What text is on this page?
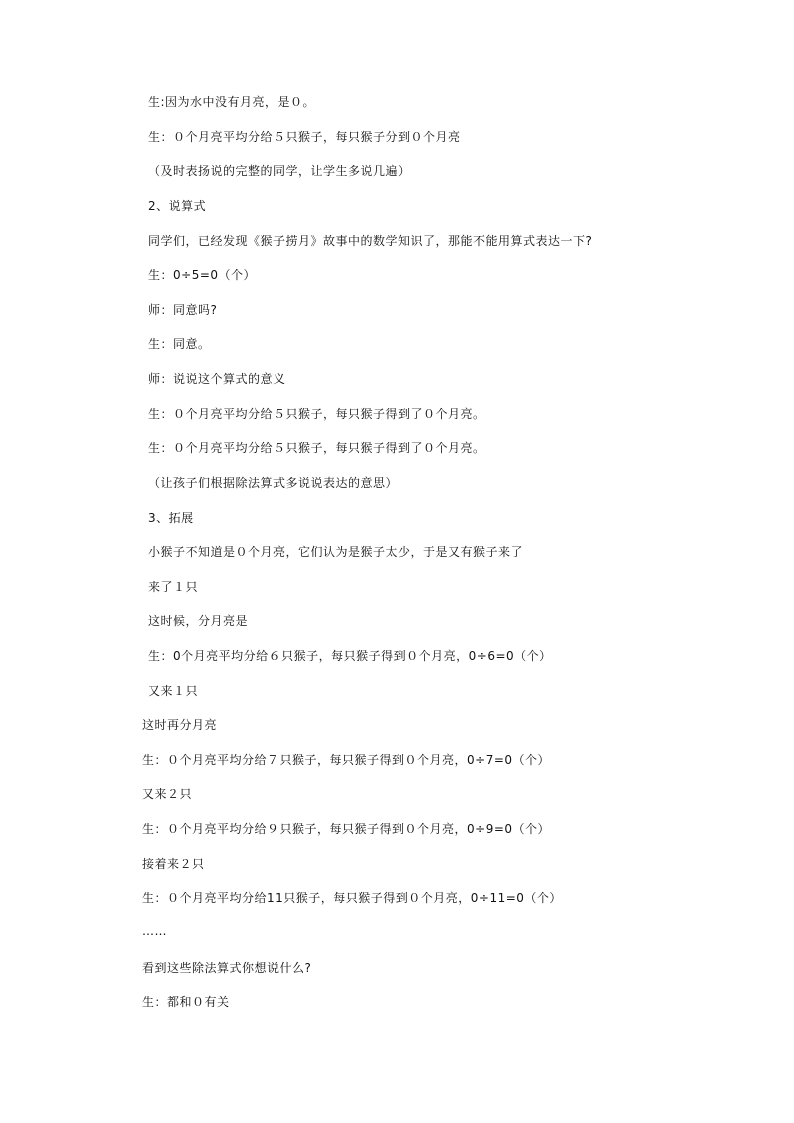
生:因为水中没有月亮，是０。
生：０个月亮平均分给５只猴子，每只猴子分到０个月亮
（及时表扬说的完整的同学，让学生多说几遍）
2、说算式
同学们，已经发现《猴子捞月》故事中的数学知识了，那能不能用算式表达一下?
生：0÷5=0（个）
师：同意吗?
生：同意。
师：说说这个算式的意义
生：０个月亮平均分给５只猴子，每只猴子得到了０个月亮。
生：０个月亮平均分给５只猴子，每只猴子得到了０个月亮。
（让孩子们根据除法算式多说说表达的意思）
3、拓展
小猴子不知道是０个月亮，它们认为是猴子太少，于是又有猴子来了
来了１只
这时候，分月亮是
生：0个月亮平均分给６只猴子，每只猴子得到０个月亮，0÷6=0（个）
又来１只
这时再分月亮
生：０个月亮平均分给７只猴子，每只猴子得到０个月亮，0÷7=0（个）
又来２只
生：０个月亮平均分给９只猴子，每只猴子得到０个月亮，0÷9=0（个）
接着来２只
生：０个月亮平均分给11只猴子，每只猴子得到０个月亮，0÷11=0（个）
……
看到这些除法算式你想说什么?
生：都和０有关
